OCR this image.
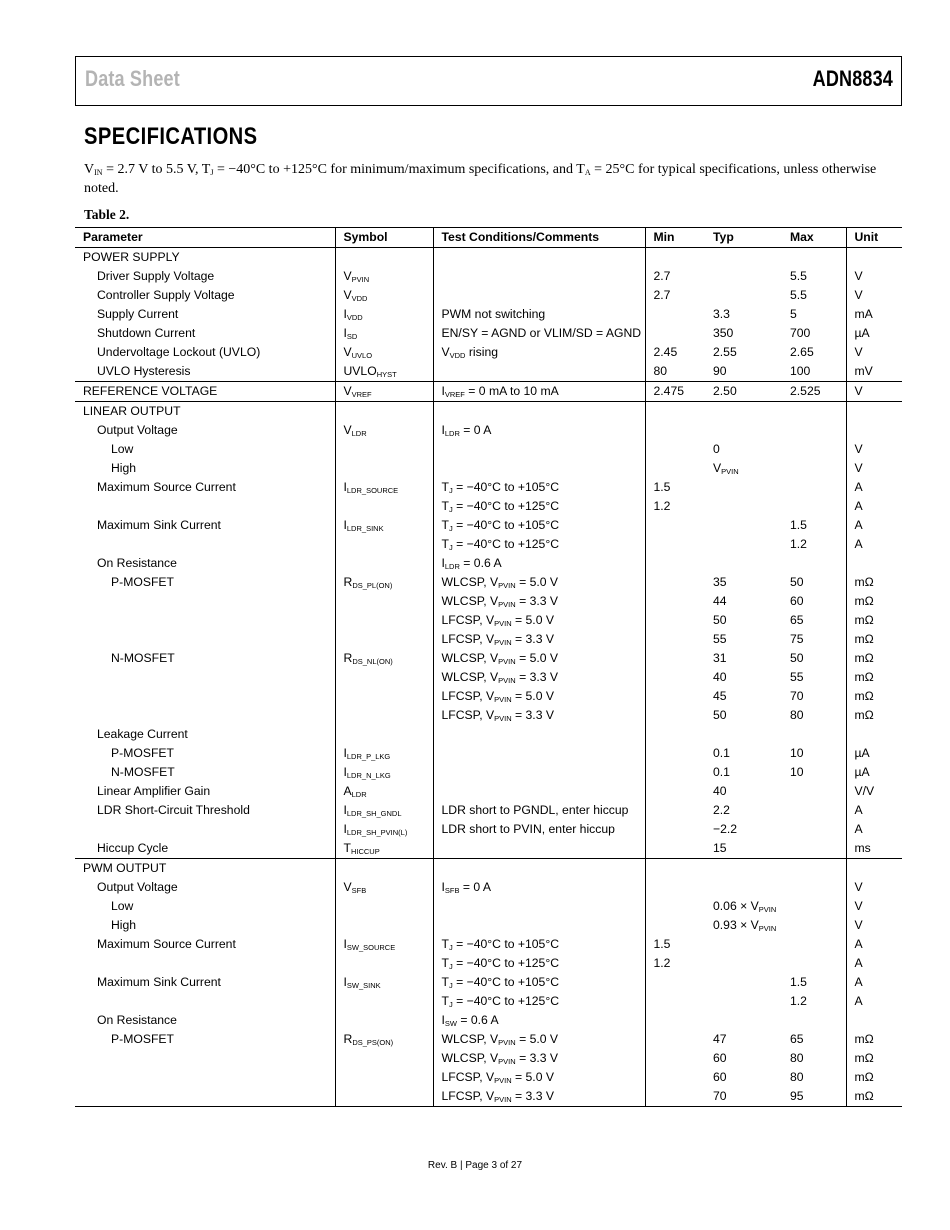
Data Sheet	ADN8834
SPECIFICATIONS
$V_{IN} = 2.7$ V to 5.5 V, $T_J = -40^\circ C$ to +125°C for minimum/maximum specifications, and $T_A = 25^\circ C$ for typical specifications, unless otherwise noted.
Table 2.
Parameter	Symbol	Test Conditions/Comments	Min	Typ	Max	Unit
POWER SUPPLY						
Driver Supply Voltage	$V_{PVIN}$		2.7		5.5	V
Controller Supply Voltage	$V_{VDD}$		2.7		5.5	V
Supply Current	$I_{VDD}$	PWM not switching		3.3	5	mA
Shutdown Current	$I_{SD}$	EN/SY = AGND or VLIM/SD = AGND		350	700	µA
Undervoltage Lockout (UVLO)	$V_{UVLO}$	$V_{VDD}$ rising	2.45	2.55	2.65	V
UVLO Hysteresis	$UVLO_{HYST}$		80	90	100	mV
REFERENCE VOLTAGE	$V_{VREF}$	$I_{VREF} = 0$ mA to 10 mA	2.475	2.50	2.525	V
LINEAR OUTPUT						
Output Voltage	$V_{LDR}$	$I_{LDR} = 0$ A				
Low				0		V
High				$V_{PVIN}$		V
Maximum Source Current	$I_{LDR\_SOURCE}$	$T_J = -40^\circ C$ to +105°C	1.5			A
		$T_J = -40^\circ C$ to +125°C	1.2			A
Maximum Sink Current	$I_{LDR\_SINK}$	$T_J = -40^\circ C$ to +105°C			1.5	A
		$T_J = -40^\circ C$ to +125°C			1.2	A
On Resistance		$I_{LDR} = 0.6$ A				
P-MOSFET	$R_{DS\_PL(ON)}$	WLCSP, $V_{PVIN} = 5.0$ V		35	50	mΩ
		WLCSP, $V_{PVIN} = 3.3$ V		44	60	mΩ
		LFCSP, $V_{PVIN} = 5.0$ V		50	65	mΩ
		LFCSP, $V_{PVIN} = 3.3$ V		55	75	mΩ
N-MOSFET	$R_{DS\_NL(ON)}$	WLCSP, $V_{PVIN} = 5.0$ V		31	50	mΩ
		WLCSP, $V_{PVIN} = 3.3$ V		40	55	mΩ
		LFCSP, $V_{PVIN} = 5.0$ V		45	70	mΩ
		LFCSP, $V_{PVIN} = 3.3$ V		50	80	mΩ
Leakage Current						
P-MOSFET	$I_{LDR\_P\_LKG}$			0.1	10	µA
N-MOSFET	$I_{LDR\_N\_LKG}$			0.1	10	µA
Linear Amplifier Gain	$A_{LDR}$			40		V/V
LDR Short-Circuit Threshold	$I_{LDR\_SH\_GNDL}$	LDR short to PGNDL, enter hiccup		2.2		A
	$I_{LDR\_SH\_PVIN(L)}$	LDR short to PVIN, enter hiccup		−2.2		A
Hiccup Cycle	$T_{HICCUP}$			15		ms
PWM OUTPUT						
Output Voltage	$V_{SFB}$	$I_{SFB} = 0$ A				V
Low				$0.06 \times V_{PVIN}$		V
High				$0.93 \times V_{PVIN}$		V
Maximum Source Current	$I_{SW\_SOURCE}$	$T_J = -40^\circ C$ to +105°C	1.5			A
		$T_J = -40^\circ C$ to +125°C	1.2			A
Maximum Sink Current	$I_{SW\_SINK}$	$T_J = -40^\circ C$ to +105°C			1.5	A
		$T_J = -40^\circ C$ to +125°C			1.2	A
On Resistance		$I_{SW} = 0.6$ A				
P-MOSFET	$R_{DS\_PS(ON)}$	WLCSP, $V_{PVIN} = 5.0$ V		47	65	mΩ
		WLCSP, $V_{PVIN} = 3.3$ V		60	80	mΩ
		LFCSP, $V_{PVIN} = 5.0$ V		60	80	mΩ
		LFCSP, $V_{PVIN} = 3.3$ V		70	95	mΩ
Rev. B | Page 3 of 27
